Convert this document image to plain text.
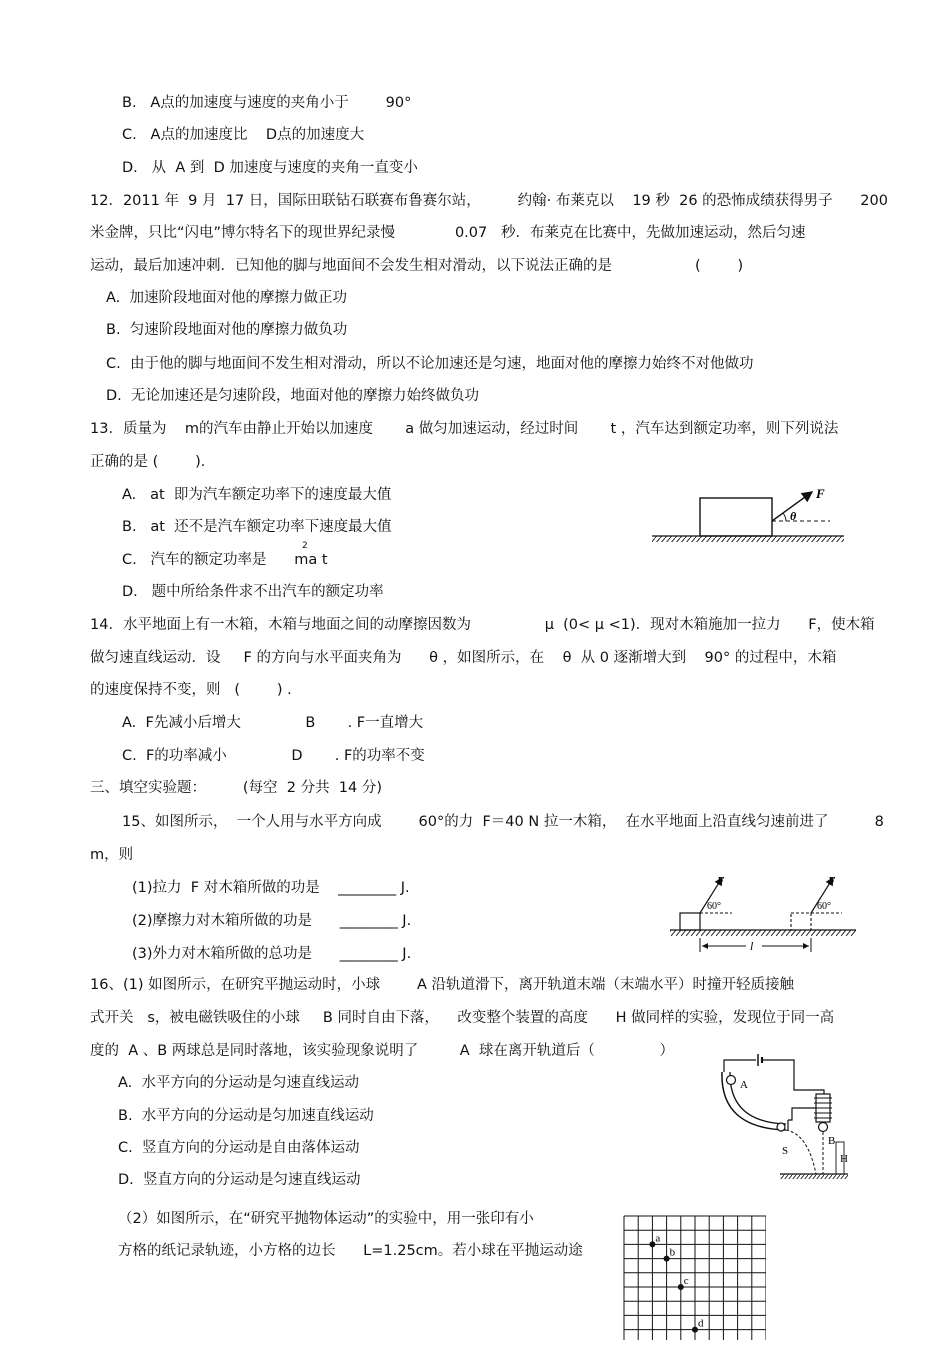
B.   A点的加速度与速度的夹角小于        90°
C.   A点的加速度比    D点的加速度大
D.   从  A 到  D 加速度与速度的夹角一直变小
12．2011 年  9 月  17 日，国际田联钻石联赛布鲁赛尔站，        约翰· 布莱克以    19 秒  26 的恐怖成绩获得男子      200
米金牌，只比“闪电”博尔特名下的现世界纪录慢             0.07   秒．布莱克在比赛中，先做加速运动，然后匀速
运动，最后加速冲刺．已知他的脚与地面间不会发生相对滑动，以下说法正确的是                  (        )
A.  加速阶段地面对他的摩擦力做正功
B.  匀速阶段地面对他的摩擦力做负功
C.  由于他的脚与地面间不发生相对滑动，所以不论加速还是匀速，地面对他的摩擦力始终不对他做功
D.  无论加速还是匀速阶段，地面对他的摩擦力始终做负功
13．质量为    m的汽车由静止开始以加速度       a 做匀加速运动，经过时间       t ，汽车达到额定功率，则下列说法
正确的是 (        )．
A.   at  即为汽车额定功率下的速度最大值
B.   at  还不是汽车额定功率下速度最大值
C.   汽车的额定功率是      ma t
2
D.   题中所给条件求不出汽车的额定功率
F
θ
14．水平地面上有一木箱，木箱与地面之间的动摩擦因数为                μ  (0< μ <1)．现对木箱施加一拉力      F，使木箱
做匀速直线运动．设     F 的方向与水平面夹角为      θ ，如图所示，在    θ  从 0 逐渐增大到    90° 的过程中，木箱
的速度保持不变，则   (        ) .
A.  F先减小后增大              B       . F一直增大
C.  F的功率减小              D       . F的功率不变
三、填空实验题：        (每空  2 分共  14 分)
15、如图所示，  一个人用与水平方向成        60°的力  F＝40 N 拉一木箱，  在水平地面上沿直线匀速前进了          8
m，则
(1)拉力  F 对木箱所做的功是    ________ J.
(2)摩擦力对木箱所做的功是      ________ J.
(3)外力对木箱所做的总功是      ________ J.
F
60°
F
60°
l
16、(1) 如图所示，在研究平抛运动时，小球        A 沿轨道滑下，离开轨道末端（末端水平）时撞开轻质接触
式开关   s，被电磁铁吸住的小球     B 同时自由下落，    改变整个装置的高度      H 做同样的实验，发现位于同一高
度的  A 、B 两球总是同时落地，该实验现象说明了         A  球在离开轨道后（              ）
A.  水平方向的分运动是匀速直线运动
B.  水平方向的分运动是匀加速直线运动
C.  竖直方向的分运动是自由落体运动
D.  竖直方向的分运动是匀速直线运动
A
S
B
H
（2）如图所示，在“研究平抛物体运动”的实验中，用一张印有小
方格的纸记录轨迹，小方格的边长      L=1.25cm。若小球在平抛运动途
a
b
c
d
